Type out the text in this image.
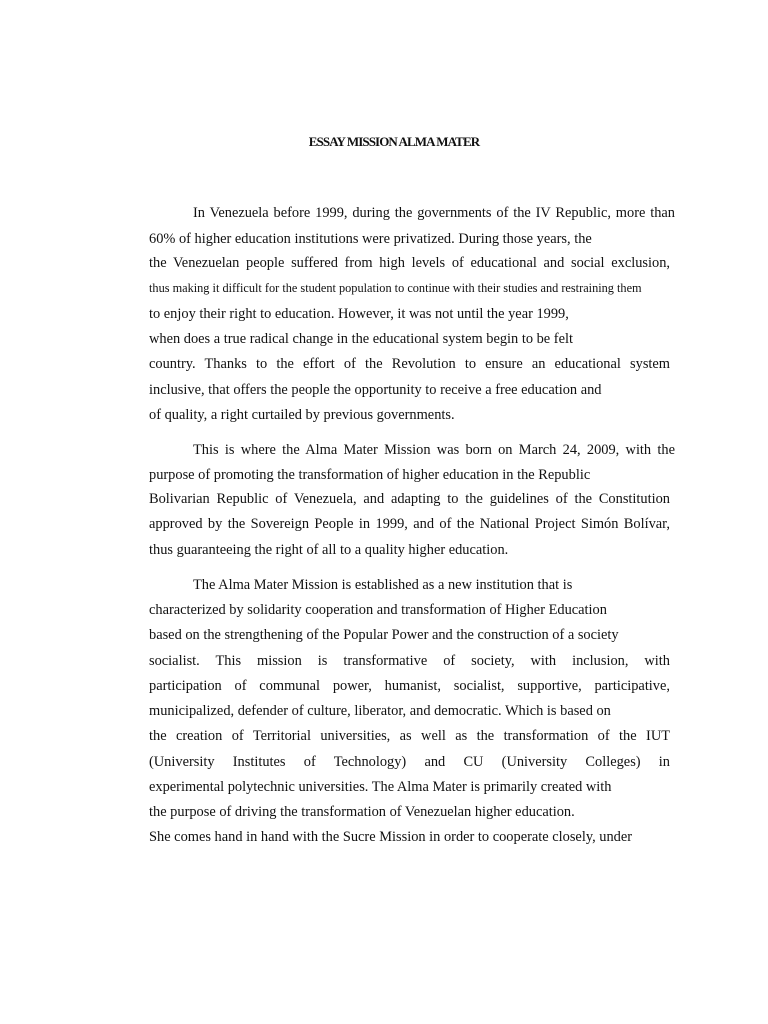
ESSAY MISSION ALMA MATER
In Venezuela before 1999, during the governments of the IV Republic, more than
60% of higher education institutions were privatized. During those years, the
the Venezuelan people suffered from high levels of educational and social exclusion,
thus making it difficult for the student population to continue with their studies and restraining them
to enjoy their right to education. However, it was not until the year 1999,
when does a true radical change in the educational system begin to be felt
country. Thanks to the effort of the Revolution to ensure an educational system
inclusive, that offers the people the opportunity to receive a free education and
of quality, a right curtailed by previous governments.
This is where the Alma Mater Mission was born on March 24, 2009, with the
purpose of promoting the transformation of higher education in the Republic
Bolivarian Republic of Venezuela, and adapting to the guidelines of the Constitution
approved by the Sovereign People in 1999, and of the National Project Simón Bolívar,
thus guaranteeing the right of all to a quality higher education.
The Alma Mater Mission is established as a new institution that is
characterized by solidarity cooperation and transformation of Higher Education
based on the strengthening of the Popular Power and the construction of a society
socialist. This mission is transformative of society, with inclusion, with
participation of communal power, humanist, socialist, supportive, participative,
municipalized, defender of culture, liberator, and democratic. Which is based on
the creation of Territorial universities, as well as the transformation of the IUT
(University Institutes of Technology) and CU (University Colleges) in
experimental polytechnic universities. The Alma Mater is primarily created with
the purpose of driving the transformation of Venezuelan higher education.
She comes hand in hand with the Sucre Mission in order to cooperate closely, under
